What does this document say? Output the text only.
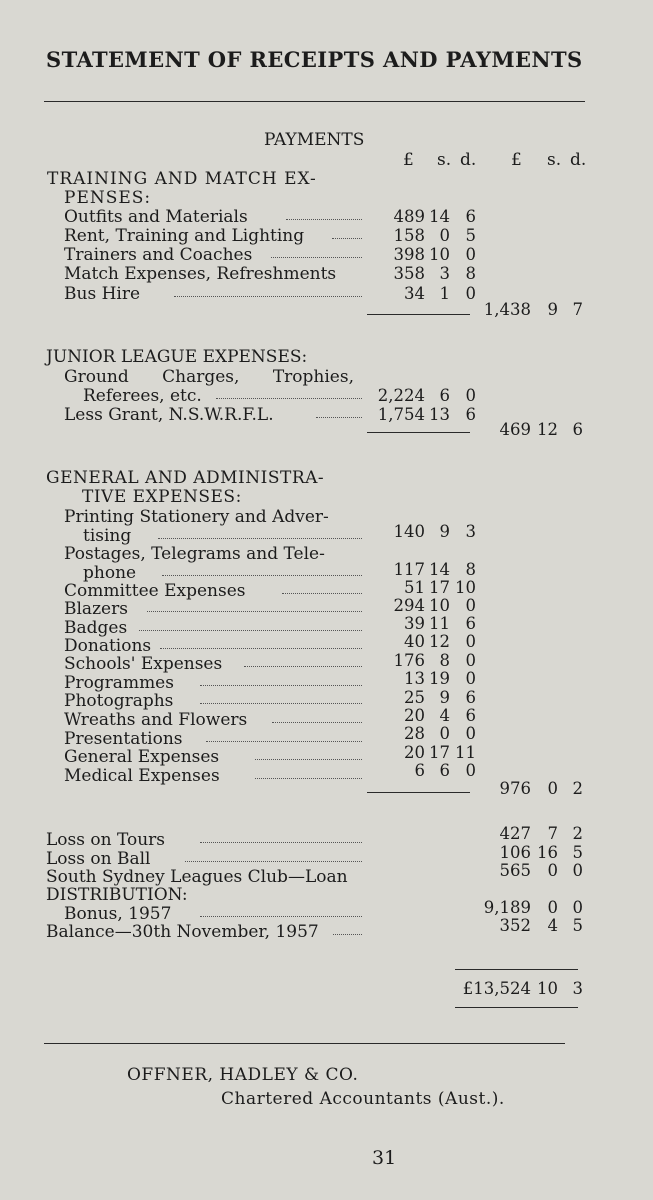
STATEMENT OF RECEIPTS AND PAYMENTS
PAYMENTS
£ s. d. £ s. d.
TRAINING AND MATCH EX-
PENSES:
Outfits and Materials	489 14 6
Rent, Training and Lighting	158 0 5
Trainers and Coaches	398 10 0
Match Expenses, Refreshments	358 3 8
Bus Hire	34 1 0
1,438	9 7
JUNIOR LEAGUE EXPENSES:
Ground Charges, Trophies,
Referees, etc.	2,224 6 0
Less Grant, N.S.W.R.F.L.	1,754 13 6
469 12 6
GENERAL AND ADMINISTRA-
TIVE EXPENSES:
Printing Stationery and Adver-
tising	140 9 3
Postages, Telegrams and Tele-
phone	117 14 8
Committee Expenses	51 17 10
Blazers	294 10 0
Badges	39 11 6
Donations	40 12 0
Schools' Expenses	176 8 0
Programmes	13 19 0
Photographs	25 9 6
Wreaths and Flowers	20 4 6
Presentations	28 0 0
General Expenses	20 17 11
Medical Expenses	6 6 0
976	0 2
Loss on Tours	427	7 2
Loss on Ball	106 16 5
South Sydney Leagues Club—Loan	565	0 0
DISTRIBUTION:
Bonus, 1957	9,189	0 0
Balance—30th November, 1957	352	4 5
£13,524 10 3
OFFNER, HADLEY & CO.
Chartered Accountants (Aust.).
31
